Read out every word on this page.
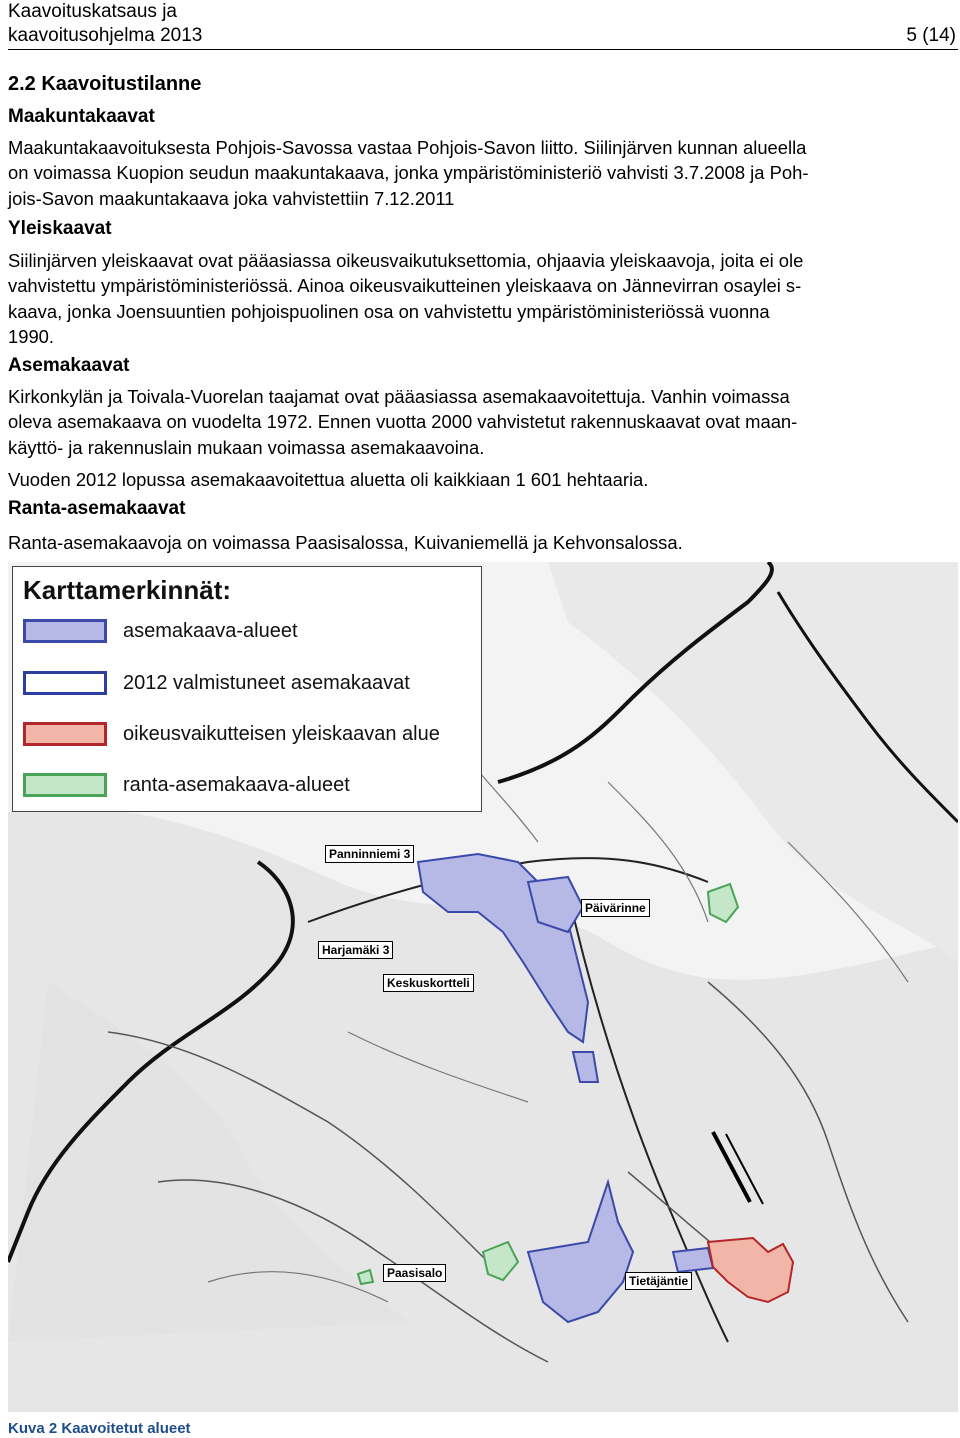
Kaavoituskatsaus ja
kaavoitusohjelma 2013	5 (14)
2.2 Kaavoitustilanne
Maakuntakaavat
Maakuntakaavoituksesta Pohjois-Savossa vastaa Pohjois-Savon liitto. Siilinjärven kunnan alueella
on voimassa Kuopion seudun maakuntakaava, jonka ympäristöministeriö vahvisti 3.7.2008 ja Poh-
jois-Savon maakuntakaava joka vahvistettiin 7.12.2011
Yleiskaavat
Siilinjärven yleiskaavat ovat pääasiassa oikeusvaikutuksettomia, ohjaavia yleiskaavoja, joita ei ole
vahvistettu ympäristöministeriössä. Ainoa oikeusvaikutteinen yleiskaava on Jännevirran osaylei s-
kaava, jonka Joensuuntien pohjoispuolinen osa on vahvistettu ympäristöministeriössä vuonna
1990.
Asemakaavat
Kirkonkylän ja Toivala-Vuorelan taajamat ovat pääasiassa asemakaavoitettuja. Vanhin voimassa
oleva asemakaava on vuodelta 1972. Ennen vuotta 2000 vahvistetut rakennuskaavat ovat maan-
käyttö- ja rakennuslain mukaan voimassa asemakaavoina.
Vuoden 2012 lopussa asemakaavoitettua aluetta oli kaikkiaan 1 601 hehtaaria.
Ranta-asemakaavat
Ranta-asemakaavoja on voimassa Paasisalossa, Kuivaniemellä ja Kehvonsalossa.
Panninniemi 3
Päivärinne
Harjamäki 3
Keskuskortteli
Paasisalo
Tietäjäntie
Karttamerkinnät:
asemakaava-alueet
2012 valmistuneet asemakaavat
oikeusvaikutteisen yleiskaavan alue
ranta-asemakaava-alueet
Kuva 2 Kaavoitetut alueet
